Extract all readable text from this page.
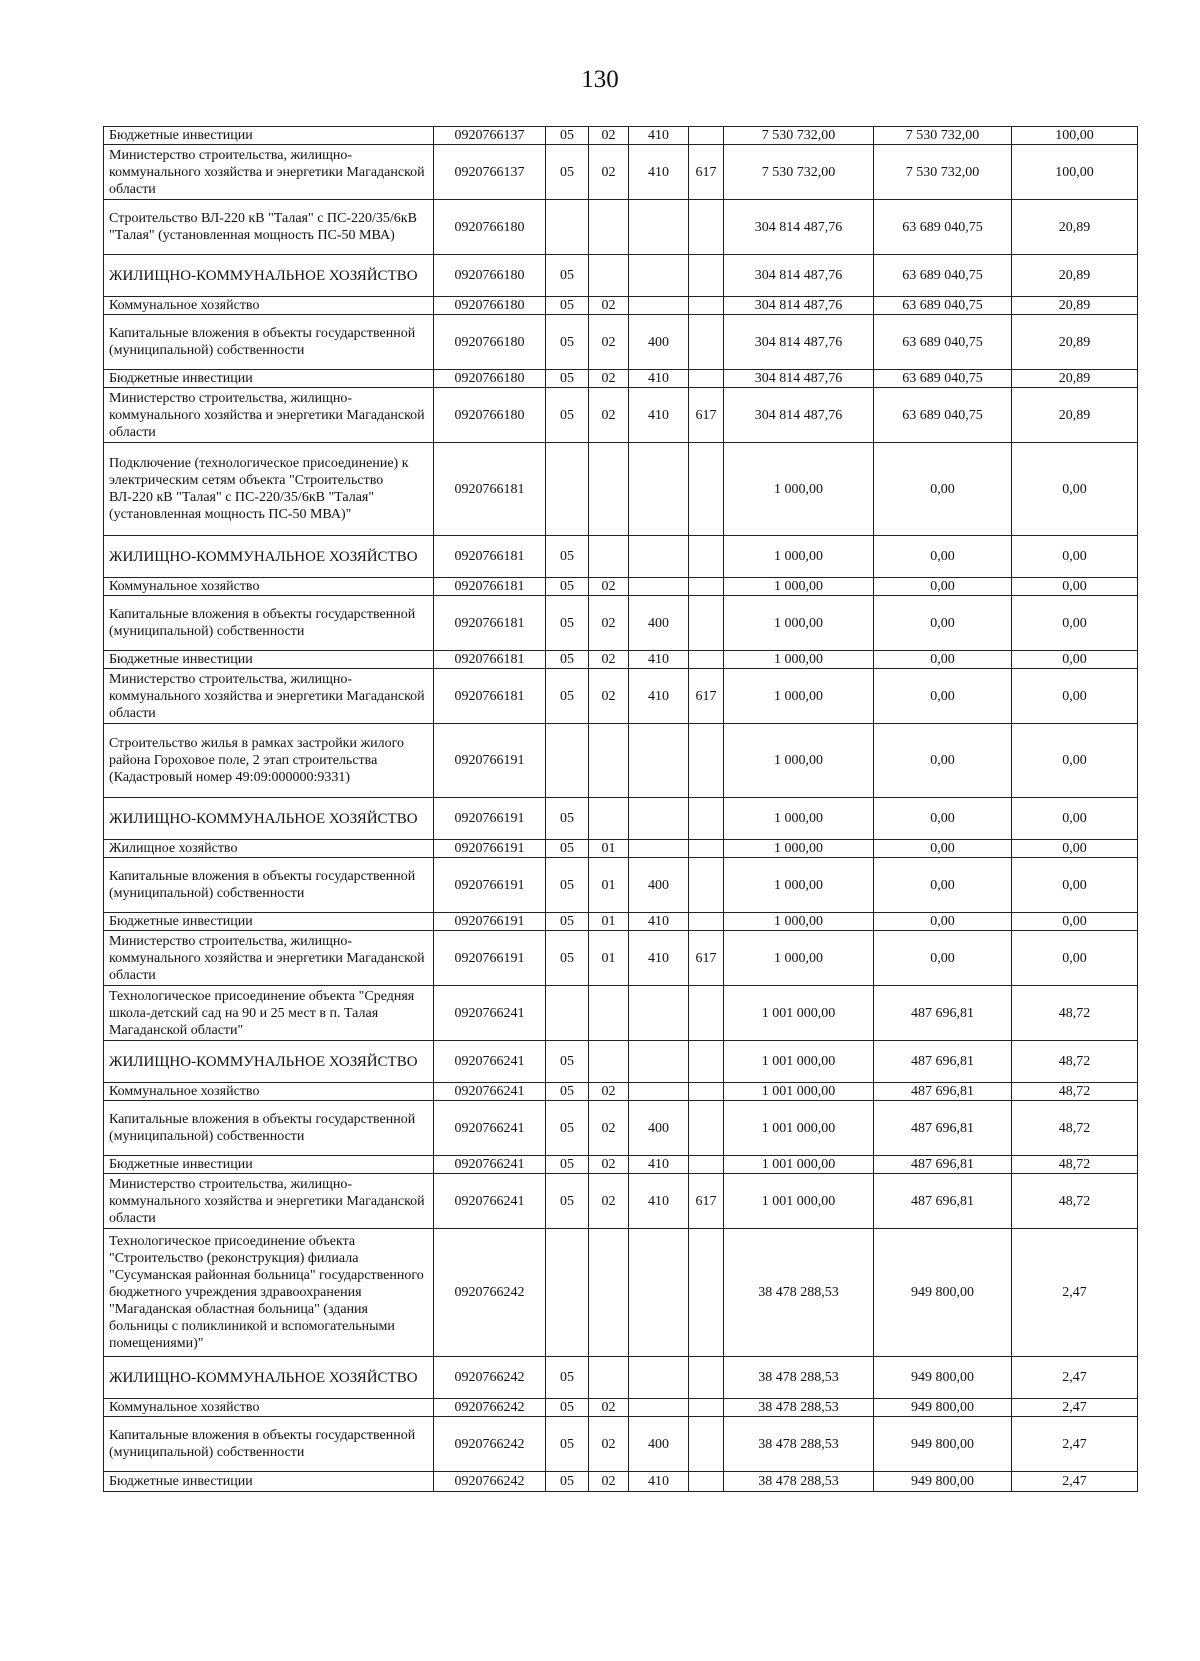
130
Бюджетные инвестиции	0920766137	05	02	410		7 530 732,00	7 530 732,00	100,00
Министерство строительства, жилищно-коммунального хозяйства и энергетики Магаданской области	0920766137	05	02	410	617	7 530 732,00	7 530 732,00	100,00
Строительство ВЛ-220 кВ "Талая" с ПС-220/35/6кВ "Талая" (установленная мощность ПС-50 МВА)	0920766180					304 814 487,76	63 689 040,75	20,89
ЖИЛИЩНО-КОММУНАЛЬНОЕ ХОЗЯЙСТВО	0920766180	05				304 814 487,76	63 689 040,75	20,89
Коммунальное хозяйство	0920766180	05	02			304 814 487,76	63 689 040,75	20,89
Капитальные вложения в объекты государственной (муниципальной) собственности	0920766180	05	02	400		304 814 487,76	63 689 040,75	20,89
Бюджетные инвестиции	0920766180	05	02	410		304 814 487,76	63 689 040,75	20,89
Министерство строительства, жилищно-коммунального хозяйства и энергетики Магаданской области	0920766180	05	02	410	617	304 814 487,76	63 689 040,75	20,89
Подключение (технологическое присоединение) к электрическим сетям объекта "Строительство ВЛ-220 кВ "Талая" с ПС-220/35/6кВ "Талая" (установленная мощность ПС-50 МВА)"	0920766181					1 000,00	0,00	0,00
ЖИЛИЩНО-КОММУНАЛЬНОЕ ХОЗЯЙСТВО	0920766181	05				1 000,00	0,00	0,00
Коммунальное хозяйство	0920766181	05	02			1 000,00	0,00	0,00
Капитальные вложения в объекты государственной (муниципальной) собственности	0920766181	05	02	400		1 000,00	0,00	0,00
Бюджетные инвестиции	0920766181	05	02	410		1 000,00	0,00	0,00
Министерство строительства, жилищно-коммунального хозяйства и энергетики Магаданской области	0920766181	05	02	410	617	1 000,00	0,00	0,00
Строительство жилья в рамках застройки жилого района Гороховое поле, 2 этап строительства (Кадастровый номер 49:09:000000:9331)	0920766191					1 000,00	0,00	0,00
ЖИЛИЩНО-КОММУНАЛЬНОЕ ХОЗЯЙСТВО	0920766191	05				1 000,00	0,00	0,00
Жилищное хозяйство	0920766191	05	01			1 000,00	0,00	0,00
Капитальные вложения в объекты государственной (муниципальной) собственности	0920766191	05	01	400		1 000,00	0,00	0,00
Бюджетные инвестиции	0920766191	05	01	410		1 000,00	0,00	0,00
Министерство строительства, жилищно-коммунального хозяйства и энергетики Магаданской области	0920766191	05	01	410	617	1 000,00	0,00	0,00
Технологическое присоединение объекта "Средняя школа-детский сад на 90 и 25 мест в п. Талая Магаданской области"	0920766241					1 001 000,00	487 696,81	48,72
ЖИЛИЩНО-КОММУНАЛЬНОЕ ХОЗЯЙСТВО	0920766241	05				1 001 000,00	487 696,81	48,72
Коммунальное хозяйство	0920766241	05	02			1 001 000,00	487 696,81	48,72
Капитальные вложения в объекты государственной (муниципальной) собственности	0920766241	05	02	400		1 001 000,00	487 696,81	48,72
Бюджетные инвестиции	0920766241	05	02	410		1 001 000,00	487 696,81	48,72
Министерство строительства, жилищно-коммунального хозяйства и энергетики Магаданской области	0920766241	05	02	410	617	1 001 000,00	487 696,81	48,72
Технологическое присоединение объекта "Строительство (реконструкция) филиала "Сусуманская районная больница" государственного бюджетного учреждения здравоохранения "Магаданская областная больница" (здания больницы с поликлиникой и вспомогательными помещениями)"	0920766242					38 478 288,53	949 800,00	2,47
ЖИЛИЩНО-КОММУНАЛЬНОЕ ХОЗЯЙСТВО	0920766242	05				38 478 288,53	949 800,00	2,47
Коммунальное хозяйство	0920766242	05	02			38 478 288,53	949 800,00	2,47
Капитальные вложения в объекты государственной (муниципальной) собственности	0920766242	05	02	400		38 478 288,53	949 800,00	2,47
Бюджетные инвестиции	0920766242	05	02	410		38 478 288,53	949 800,00	2,47
